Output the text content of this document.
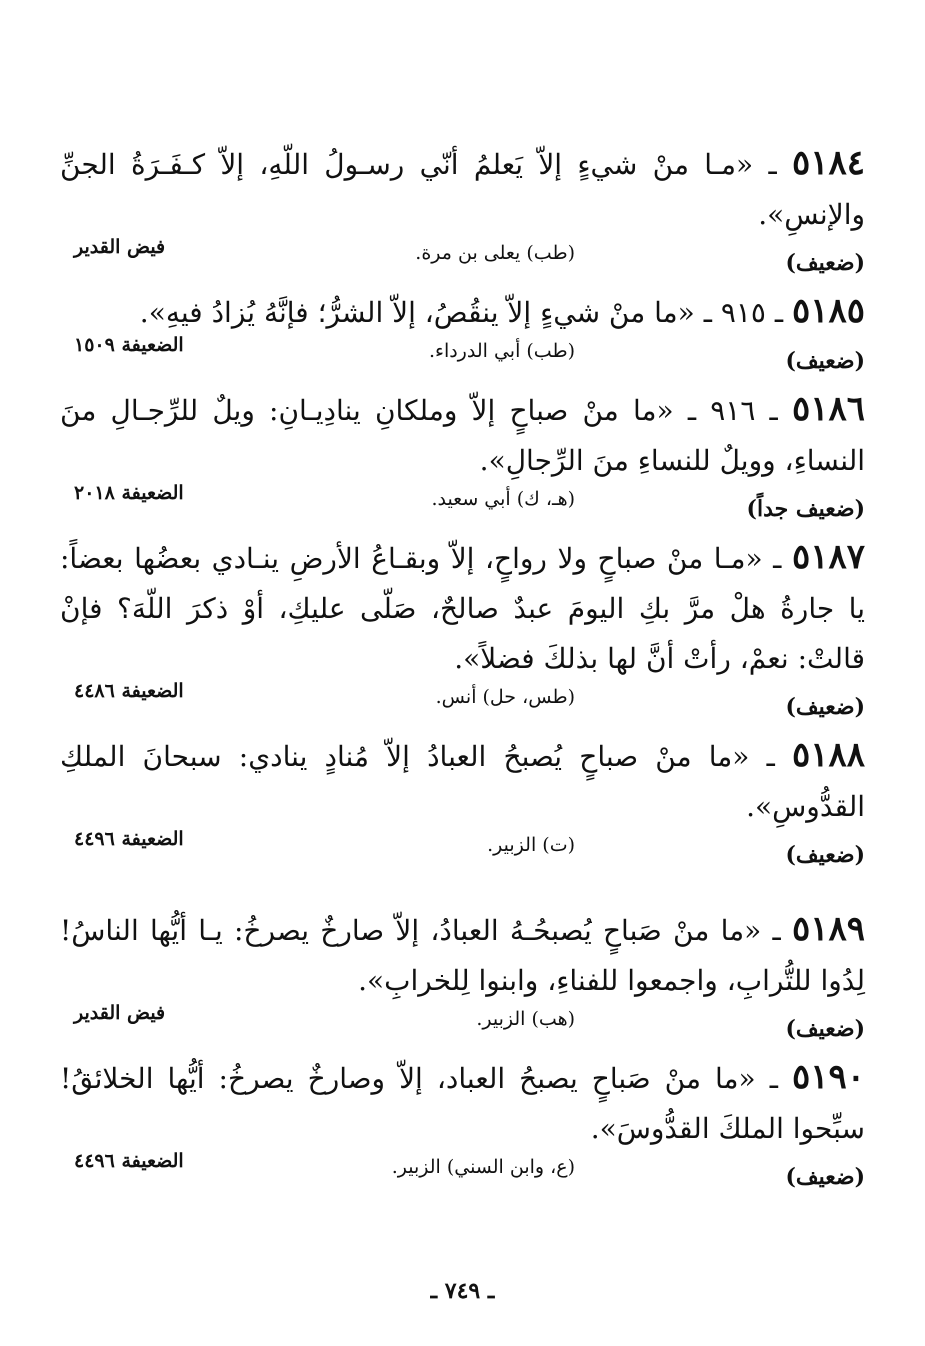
٥١٨٤ ـ «مـا منْ شيءٍ إلاّ يَعلمُ أنّي رسـولُ اللّهِ، إلاّ كـفَـرَةُ الجنِّ والإنسِ».
(ضعيف)
(طب) يعلى بن مرة.
فيض القدير
٥١٨٥ ـ ٩١٥ ـ «ما منْ شيءٍ إلاّ ينقُصُ، إلاّ الشرُّ؛ فإنَّهُ يُزادُ فيهِ».
(ضعيف)
(طب) أبي الدرداء.
الضعيفة ١٥٠٩
٥١٨٦ ـ ٩١٦ ـ «ما منْ صباحٍ إلاّ وملكانِ ينادِيـانِ: ويلٌ للرِّجـالِ منَ النساءِ، وويلٌ للنساءِ منَ الرِّجالِ».
(ضعيف جداً)
(هـ، ك) أبي سعيد.
الضعيفة ٢٠١٨
٥١٨٧ ـ «مـا منْ صباحٍ ولا رواحٍ، إلاّ وبقـاعُ الأرضِ ينـادي بعضُها بعضاً: يا جارةُ هلْ مرَّ بكِ اليومَ عبدٌ صالحٌ، صَلّى عليكِ، أوْ ذكرَ اللّهَ؟ فإنْ قالتْ: نعمْ، رأتْ أنَّ لها بذلكَ فضلاً».
(ضعيف)
(طس، حل) أنس.
الضعيفة ٤٤٨٦
٥١٨٨ ـ «ما منْ صباحٍ يُصبحُ العبادُ إلاّ مُنادٍ ينادي: سبحانَ الملكِ القدُّوسِ».
(ضعيف)
(ت) الزبير.
الضعيفة ٤٤٩٦
٥١٨٩ ـ «ما منْ صَباحٍ يُصبحُـهُ العبادُ، إلاّ صارخٌ يصرخُ: يـا أيُّها الناسُ! لِدُوا للتُّرابِ، واجمعوا للفناءِ، وابنوا لِلخرابِ».
(ضعيف)
(هب) الزبير.
فيض القدير
٥١٩٠ ـ «ما منْ صَباحٍ يصبحُ العباد، إلاّ وصارخٌ يصرخُ: أيُّها الخلائقُ! سبِّحوا الملكَ القدُّوسَ».
(ضعيف)
(ع، وابن السني) الزبير.
الضعيفة ٤٤٩٦
ـ ٧٤٩ ـ
